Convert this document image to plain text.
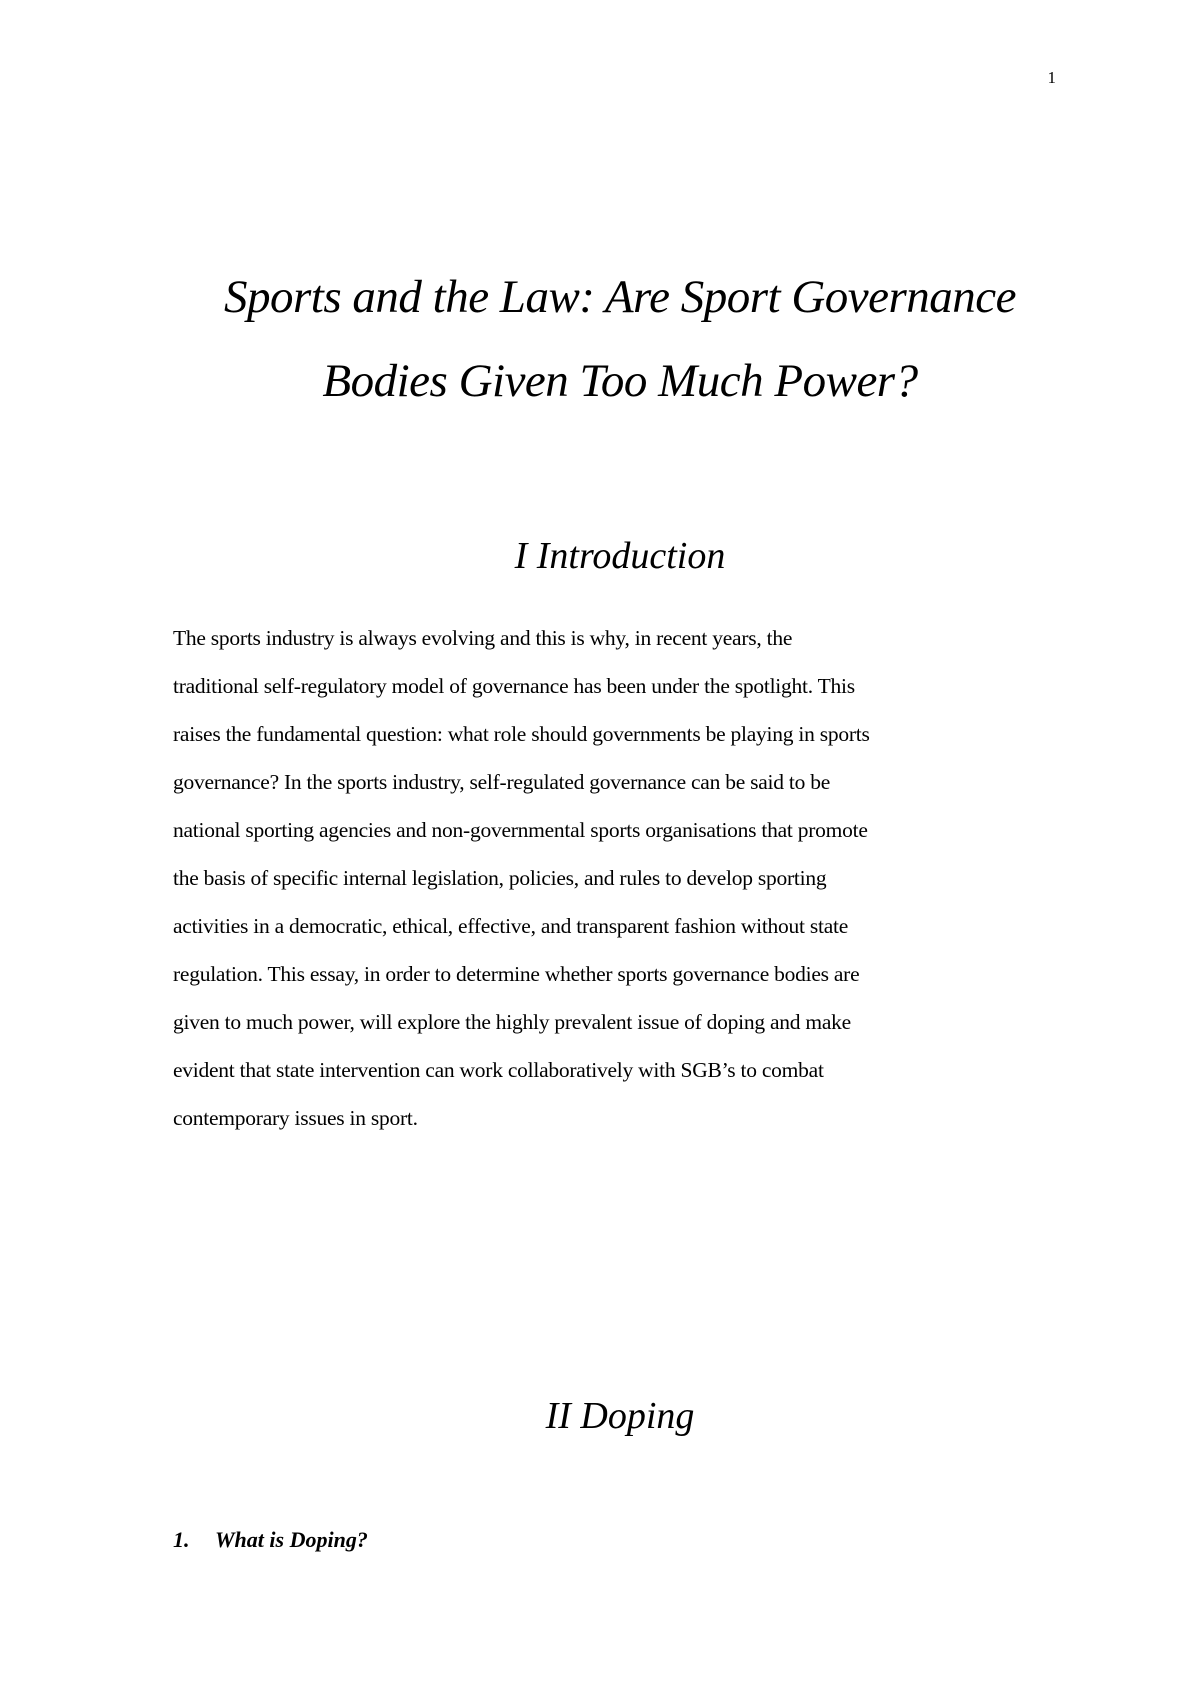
1
Sports and the Law: Are Sport Governance
Bodies Given Too Much Power?
I Introduction
The sports industry is always evolving and this is why, in recent years, the
traditional self-regulatory model of governance has been under the spotlight. This
raises the fundamental question: what role should governments be playing in sports
governance? In the sports industry, self-regulated governance can be said to be
national sporting agencies and non-governmental sports organisations that promote
the basis of specific internal legislation, policies, and rules to develop sporting
activities in a democratic, ethical, effective, and transparent fashion without state
regulation. This essay, in order to determine whether sports governance bodies are
given to much power, will explore the highly prevalent issue of doping and make
evident that state intervention can work collaboratively with SGB’s to combat
contemporary issues in sport.
II Doping
1. What is Doping?
